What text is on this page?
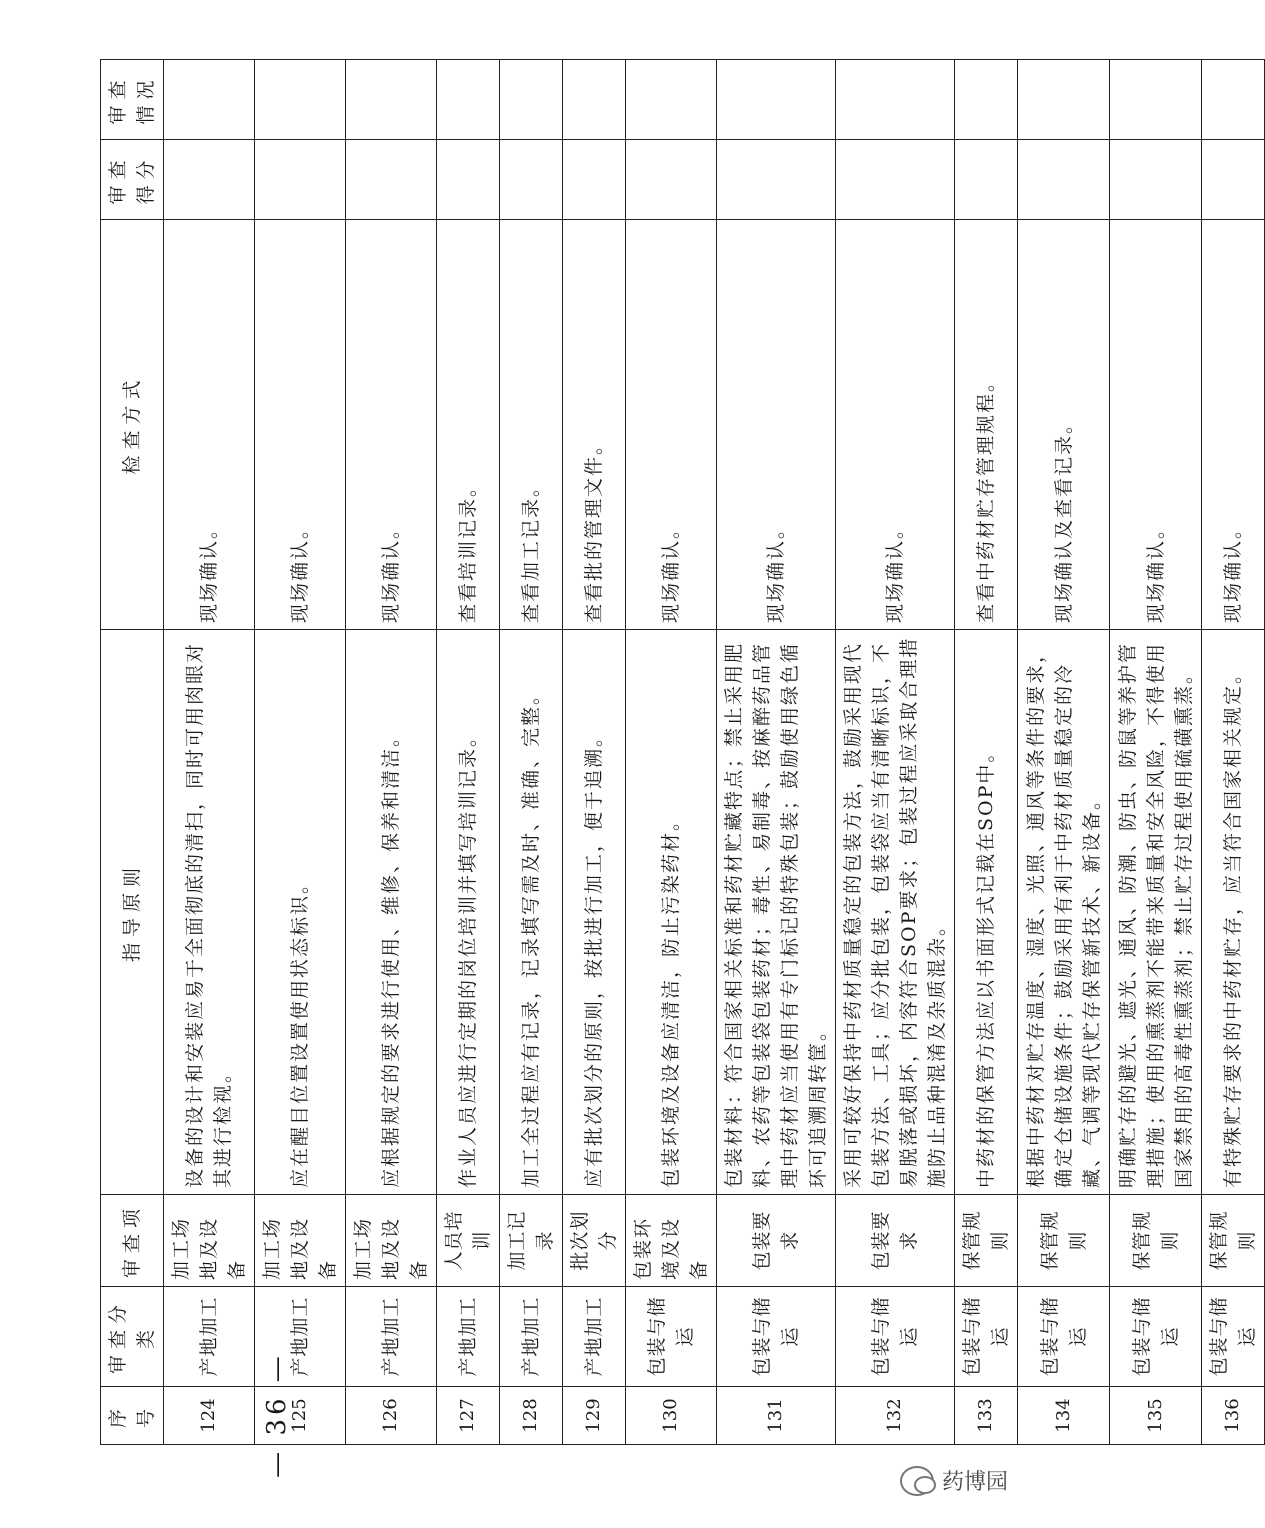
序号	审查分类	审查项	指导原则	检查方式	审查得分	审查情况
124	产地加工	加工场地及设备	设备的设计和安装应易于全面彻底的清扫，同时可用肉眼对其进行检视。	现场确认。		
125	产地加工	加工场地及设备	应在醒目位置设置使用状态标识。	现场确认。		
126	产地加工	加工场地及设备	应根据规定的要求进行使用、维修、保养和清洁。	现场确认。		
127	产地加工	人员培训	作业人员应进行定期的岗位培训并填写培训记录。	查看培训记录。		
128	产地加工	加工记录	加工全过程应有记录，记录填写需及时、准确、完整。	查看加工记录。		
129	产地加工	批次划分	应有批次划分的原则，按批进行加工，便于追溯。	查看批的管理文件。		
130	包装与储运	包装环境及设备	包装环境及设备应清洁，防止污染药材。	现场确认。		
131	包装与储运	包装要求	包装材料：符合国家相关标准和药材贮藏特点；禁止采用肥料、农药等包装袋包装药材；毒性、易制毒、按麻醉药品管理中药材应当使用有专门标记的特殊包装；鼓励使用绿色循环可追溯周转筐。	现场确认。		
132	包装与储运	包装要求	采用可较好保持中药材质量稳定的包装方法，鼓励采用现代包装方法、工具；应分批包装，包装袋应当有清晰标识，不易脱落或损坏，内容符合SOP要求；包装过程应采取合理措施防止品种混淆及杂质混杂。	现场确认。		
133	包装与储运	保管规则	中药材的保管方法应以书面形式记载在SOP中。	查看中药材贮存管理规程。		
134	包装与储运	保管规则	根据中药材对贮存温度、湿度、光照、通风等条件的要求，确定仓储设施条件；鼓励采用有利于中药材质量稳定的冷藏、气调等现代贮存保管新技术、新设备。	现场确认及查看记录。		
135	包装与储运	保管规则	明确贮存的避光、遮光、通风、防潮、防虫、防鼠等养护管理措施；使用的熏蒸剂不能带来质量和安全风险，不得使用国家禁用的高毒性熏蒸剂；禁止贮存过程使用硫磺熏蒸。	现场确认。		
136	包装与储运	保管规则	有特殊贮存要求的中药材贮存，应当符合国家相关规定。	现场确认。		
— 36 —
药博园
